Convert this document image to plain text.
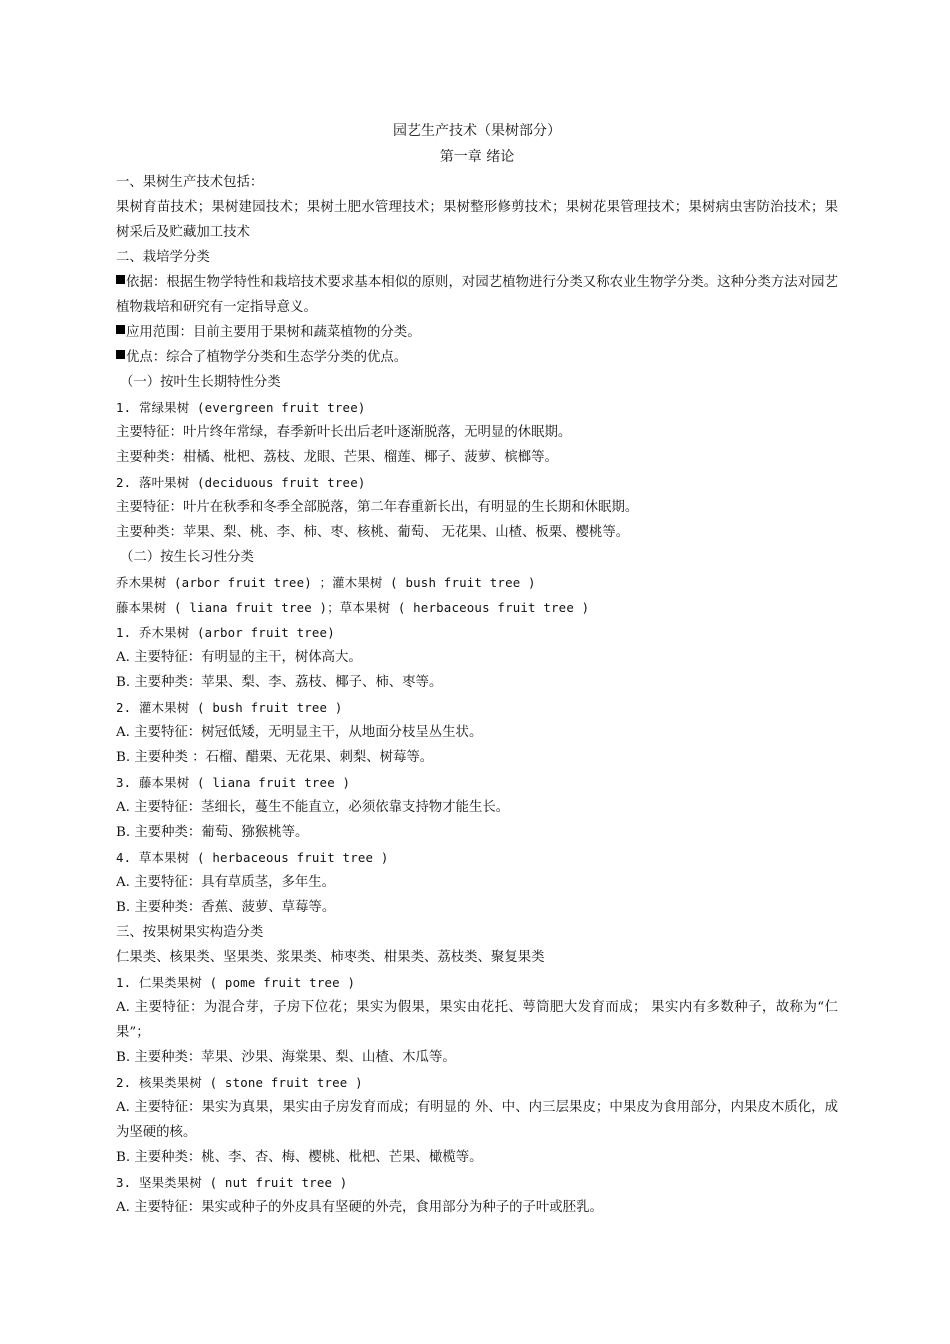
园艺生产技术（果树部分）
第一章 绪论
一、果树生产技术包括：
果树育苗技术；果树建园技术；果树土肥水管理技术；果树整形修剪技术；果树花果管理技术；果树病虫害防治技术；果树采后及贮藏加工技术
二、栽培学分类
依据：根据生物学特性和栽培技术要求基本相似的原则，对园艺植物进行分类又称农业生物学分类。这种分类方法对园艺植物栽培和研究有一定指导意义。
应用范围：目前主要用于果树和蔬菜植物的分类。
优点：综合了植物学分类和生态学分类的优点。
（一）按叶生长期特性分类
1. 常绿果树 (evergreen fruit tree)
主要特征：叶片终年常绿，春季新叶长出后老叶逐渐脱落，无明显的休眠期。
主要种类：柑橘、枇杷、荔枝、龙眼、芒果、榴莲、椰子、菠萝、槟榔等。
2. 落叶果树 (deciduous fruit tree)
主要特征：叶片在秋季和冬季全部脱落，第二年春重新长出，有明显的生长期和休眠期。
主要种类：苹果、梨、桃、李、柿、枣、核桃、葡萄、 无花果、山楂、板栗、樱桃等。
（二）按生长习性分类
乔木果树 (arbor fruit tree) ；灌木果树 ( bush fruit tree )
藤本果树 ( liana fruit tree )；草本果树 ( herbaceous fruit tree )
1. 乔木果树 (arbor fruit tree)
A. 主要特征：有明显的主干，树体高大。
B. 主要种类：苹果、梨、李、荔枝、椰子、柿、枣等。
2. 灌木果树 ( bush fruit tree )
A. 主要特征：树冠低矮，无明显主干，从地面分枝呈丛生状。
B. 主要种类 ：石榴、醋栗、无花果、刺梨、树莓等。
3. 藤本果树 ( liana fruit tree )
A. 主要特征：茎细长，蔓生不能直立，必须依靠支持物才能生长。
B. 主要种类：葡萄、猕猴桃等。
4. 草本果树 ( herbaceous fruit tree )
A. 主要特征：具有草质茎，多年生。
B. 主要种类：香蕉、菠萝、草莓等。
三、按果树果实构造分类
仁果类、核果类、坚果类、浆果类、柿枣类、柑果类、荔枝类、聚复果类
1. 仁果类果树 ( pome fruit tree )
A. 主要特征：为混合芽，子房下位花；果实为假果，果实由花托、萼筒肥大发育而成； 果实内有多数种子，故称为“仁果”；
B. 主要种类：苹果、沙果、海棠果、梨、山楂、木瓜等。
2. 核果类果树 ( stone fruit tree )
A. 主要特征：果实为真果，果实由子房发育而成；有明显的 外、中、内三层果皮；中果皮为食用部分，内果皮木质化，成为坚硬的核。
B. 主要种类：桃、李、杏、梅、樱桃、枇杷、芒果、橄榄等。
3. 坚果类果树 ( nut fruit tree )
A. 主要特征：果实或种子的外皮具有坚硬的外壳，食用部分为种子的子叶或胚乳。
